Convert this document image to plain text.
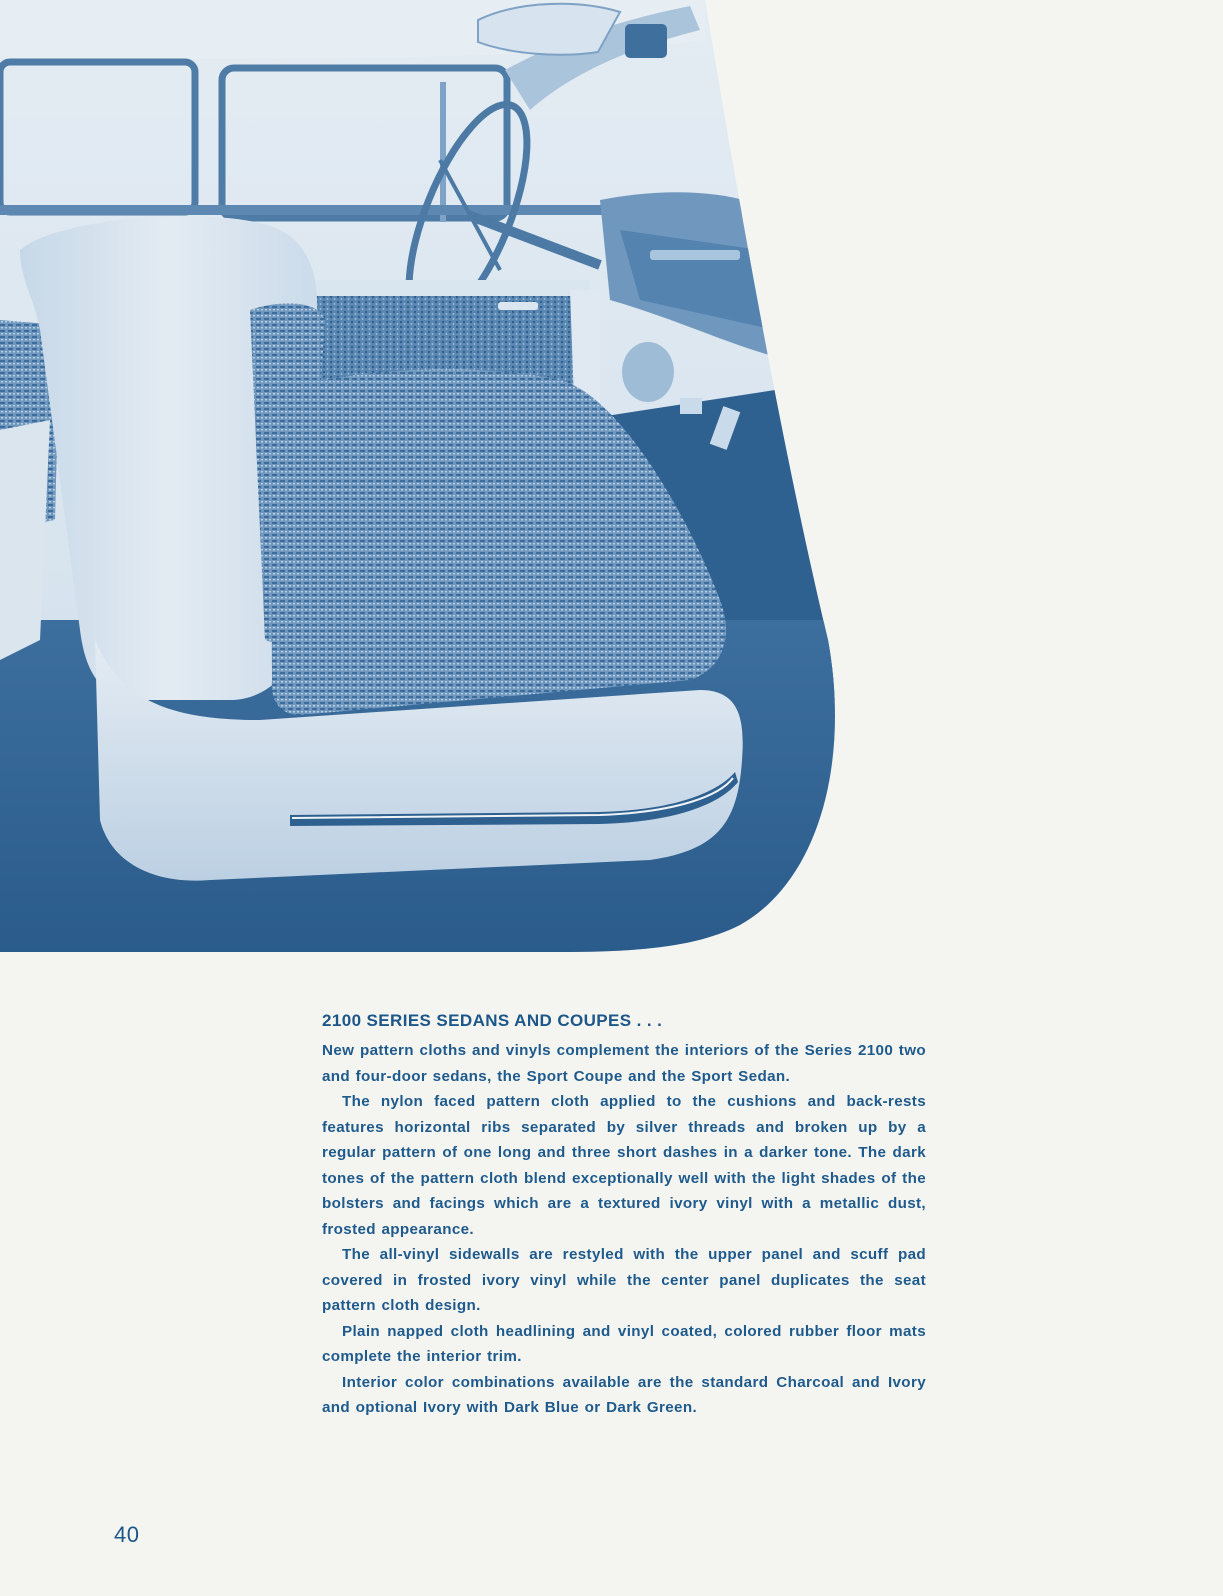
2100 SERIES SEDANS AND COUPES . . .

New pattern cloths and vinyls complement the interiors of the Series 2100 two and four-door sedans, the Sport Coupe and the Sport Sedan.

The nylon faced pattern cloth applied to the cushions and back-rests features horizontal ribs separated by silver threads and broken up by a regular pattern of one long and three short dashes in a darker tone. The dark tones of the pattern cloth blend exceptionally well with the light shades of the bolsters and facings which are a textured ivory vinyl with a metallic dust, frosted appearance.

The all-vinyl sidewalls are restyled with the upper panel and scuff pad covered in frosted ivory vinyl while the center panel duplicates the seat pattern cloth design.

Plain napped cloth headlining and vinyl coated, colored rubber floor mats complete the interior trim.

Interior color combinations available are the standard Charcoal and Ivory and optional Ivory with Dark Blue or Dark Green.

40
